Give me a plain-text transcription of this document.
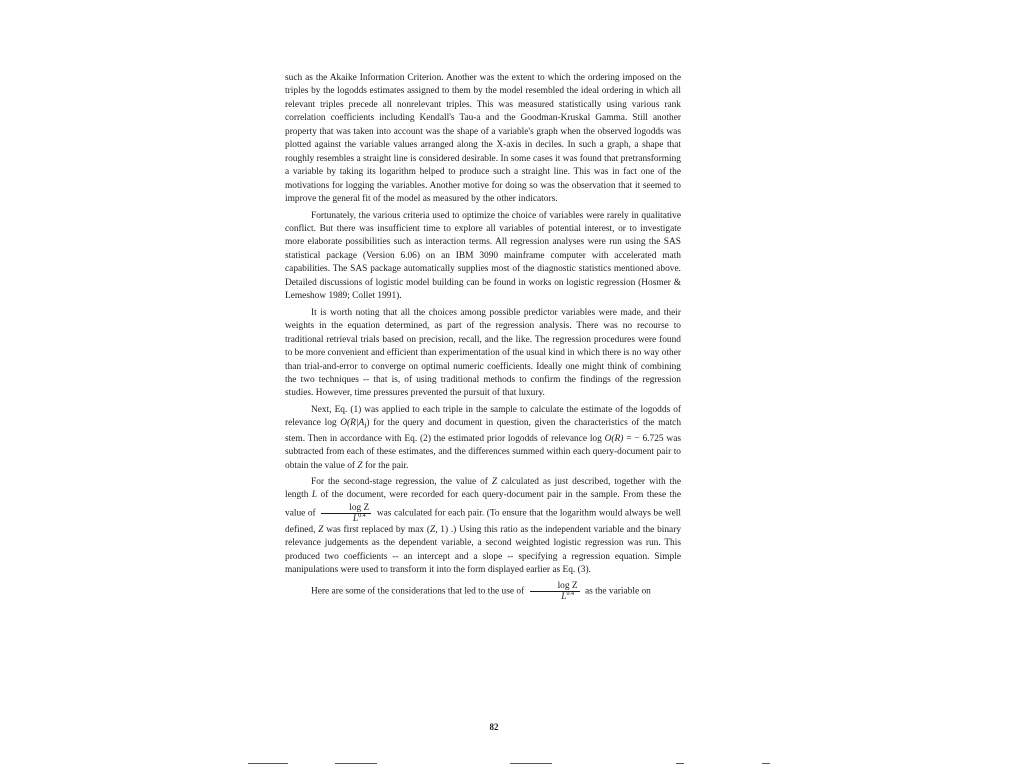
such as the Akaike Information Criterion. Another was the extent to which the ordering imposed on the triples by the logodds estimates assigned to them by the model resembled the ideal ordering in which all relevant triples precede all nonrelevant triples. This was measured statistically using various rank correlation coefficients including Kendall's Tau-a and the Goodman-Kruskal Gamma. Still another property that was taken into account was the shape of a variable's graph when the observed logodds was plotted against the variable values arranged along the X-axis in deciles. In such a graph, a shape that roughly resembles a straight line is considered desirable. In some cases it was found that pretransforming a variable by taking its logarithm helped to produce such a straight line. This was in fact one of the motivations for logging the variables. Another motive for doing so was the observation that it seemed to improve the general fit of the model as measured by the other indicators.

Fortunately, the various criteria used to optimize the choice of variables were rarely in qualitative conflict. But there was insufficient time to explore all variables of potential interest, or to investigate more elaborate possibilities such as interaction terms. All regression analyses were run using the SAS statistical package (Version 6.06) on an IBM 3090 mainframe computer with accelerated math capabilities. The SAS package automatically supplies most of the diagnostic statistics mentioned above. Detailed discussions of logistic model building can be found in works on logistic regression (Hosmer & Lemeshow 1989; Collet 1991).

It is worth noting that all the choices among possible predictor variables were made, and their weights in the equation determined, as part of the regression analysis. There was no recourse to traditional retrieval trials based on precision, recall, and the like. The regression procedures were found to be more convenient and efficient than experimentation of the usual kind in which there is no way other than trial-and-error to converge on optimal numeric coefficients. Ideally one might think of combining the two techniques -- that is, of using traditional methods to confirm the findings of the regression studies. However, time pressures prevented the pursuit of that luxury.

Next, Eq. (1) was applied to each triple in the sample to calculate the estimate of the logodds of relevance $\log O(R|A_i)$ for the query and document in question, given the characteristics of the match stem. Then in accordance with Eq. (2) the estimated prior logodds of relevance log O(R) = − 6.725 was subtracted from each of these estimates, and the differences summed within each query-document pair to obtain the value of Z for the pair.

For the second-stage regression, the value of Z calculated as just described, together with the length L of the document, were recorded for each query-document pair in the sample. From these the value of $\frac{\text{log Z}}{L^{0.4}}$ was calculated for each pair. (To ensure that the logarithm would always be well defined, Z was first replaced by max (Z, 1) .) Using this ratio as the independent variable and the binary relevance judgements as the dependent variable, a second weighted logistic regression was run. This produced two coefficients -- an intercept and a slope -- specifying a regression equation. Simple manipulations were used to transform it into the form displayed earlier as Eq. (3).

Here are some of the considerations that led to the use of $\frac{\text{log Z}}{L^{0.4}}$ as the variable on

82
